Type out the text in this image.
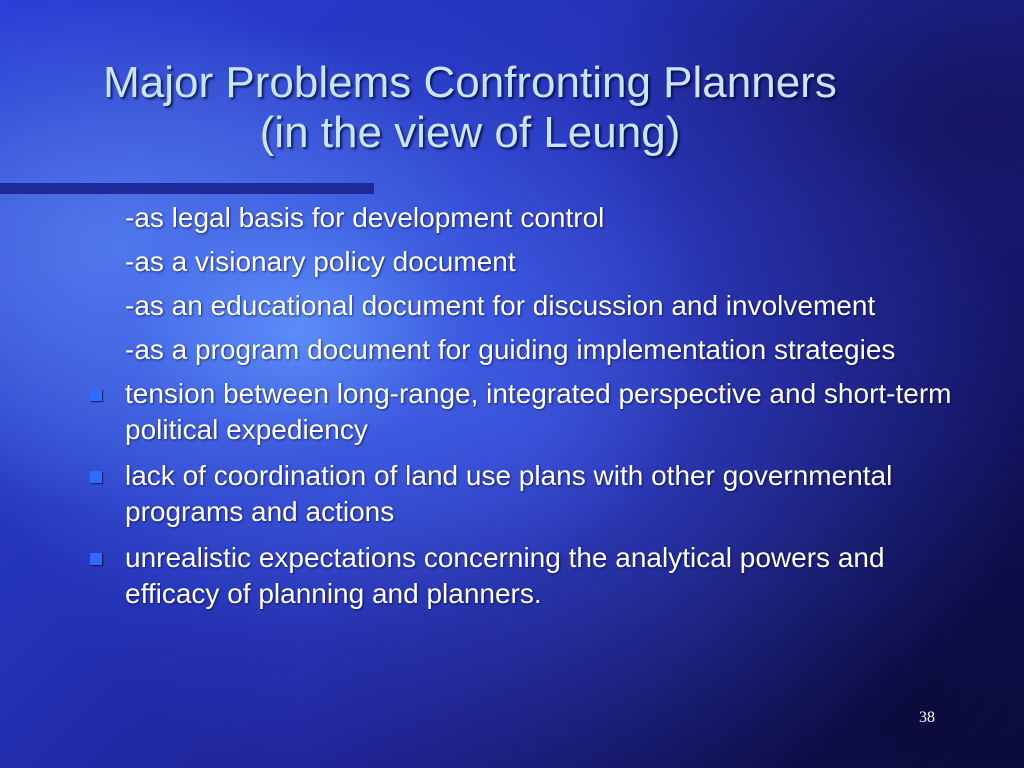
Major Problems Confronting Planners (in the view of Leung)
-as legal basis for development control
-as a visionary policy document
-as an educational document for discussion and involvement
-as a program document for guiding implementation strategies
tension between long-range, integrated perspective and short-term political expediency
lack of coordination of land use plans with other governmental programs and actions
unrealistic expectations concerning the analytical powers and efficacy of planning and planners.
38
